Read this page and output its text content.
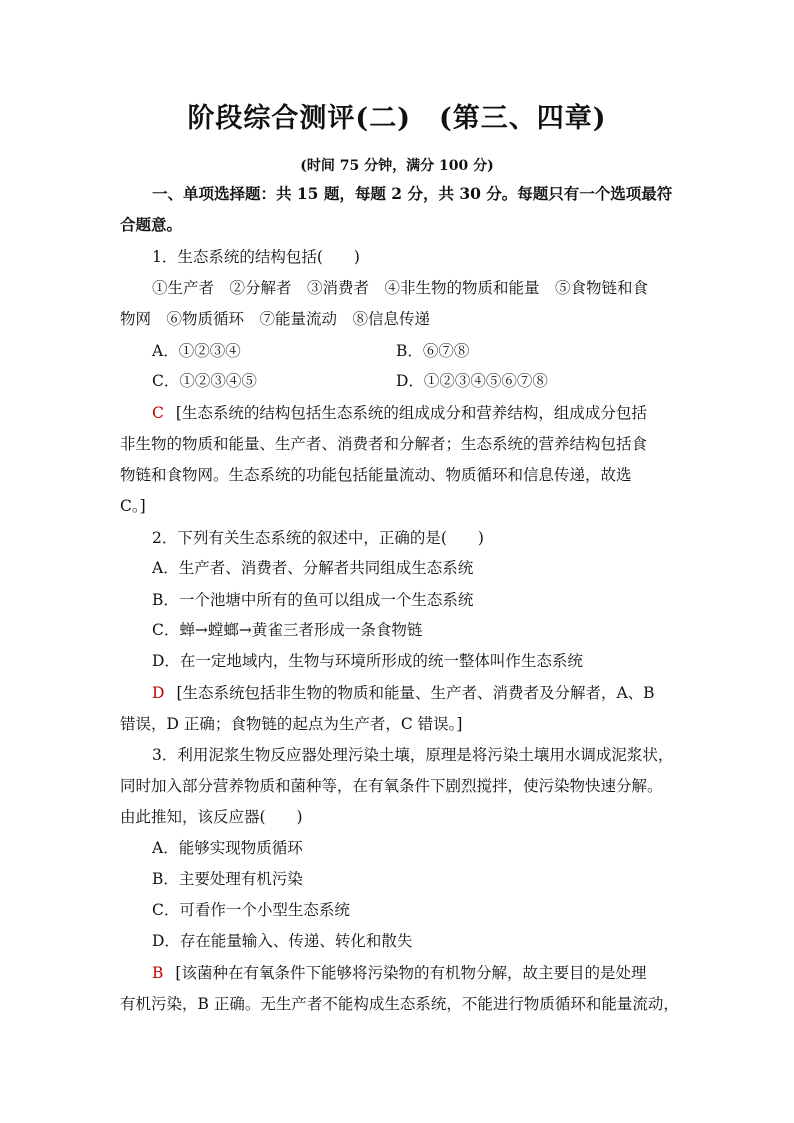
阶段综合测评(二)　(第三、四章)
(时间 75 分钟，满分 100 分)
一、单项选择题：共 15 题，每题 2 分，共 30 分。每题只有一个选项最符
合题意。
1．生态系统的结构包括(　　)
①生产者　②分解者　③消费者　④非生物的物质和能量　⑤食物链和食
物网　⑥物质循环　⑦能量流动　⑧信息传递
A．①②③④	B．⑥⑦⑧
C．①②③④⑤	D．①②③④⑤⑥⑦⑧
C [生态系统的结构包括生态系统的组成成分和营养结构，组成成分包括
非生物的物质和能量、生产者、消费者和分解者；生态系统的营养结构包括食
物链和食物网。生态系统的功能包括能量流动、物质循环和信息传递，故选
C。]
2．下列有关生态系统的叙述中，正确的是(　　)
A．生产者、消费者、分解者共同组成生态系统
B．一个池塘中所有的鱼可以组成一个生态系统
C．蝉→螳螂→黄雀三者形成一条食物链
D．在一定地域内，生物与环境所形成的统一整体叫作生态系统
D [生态系统包括非生物的物质和能量、生产者、消费者及分解者，A、B
错误，D 正确；食物链的起点为生产者，C 错误。]
3．利用泥浆生物反应器处理污染土壤，原理是将污染土壤用水调成泥浆状，
同时加入部分营养物质和菌种等，在有氧条件下剧烈搅拌，使污染物快速分解。
由此推知，该反应器(　　)
A．能够实现物质循环
B．主要处理有机污染
C．可看作一个小型生态系统
D．存在能量输入、传递、转化和散失
B [该菌种在有氧条件下能够将污染物的有机物分解，故主要目的是处理
有机污染，B 正确。无生产者不能构成生态系统，不能进行物质循环和能量流动，
